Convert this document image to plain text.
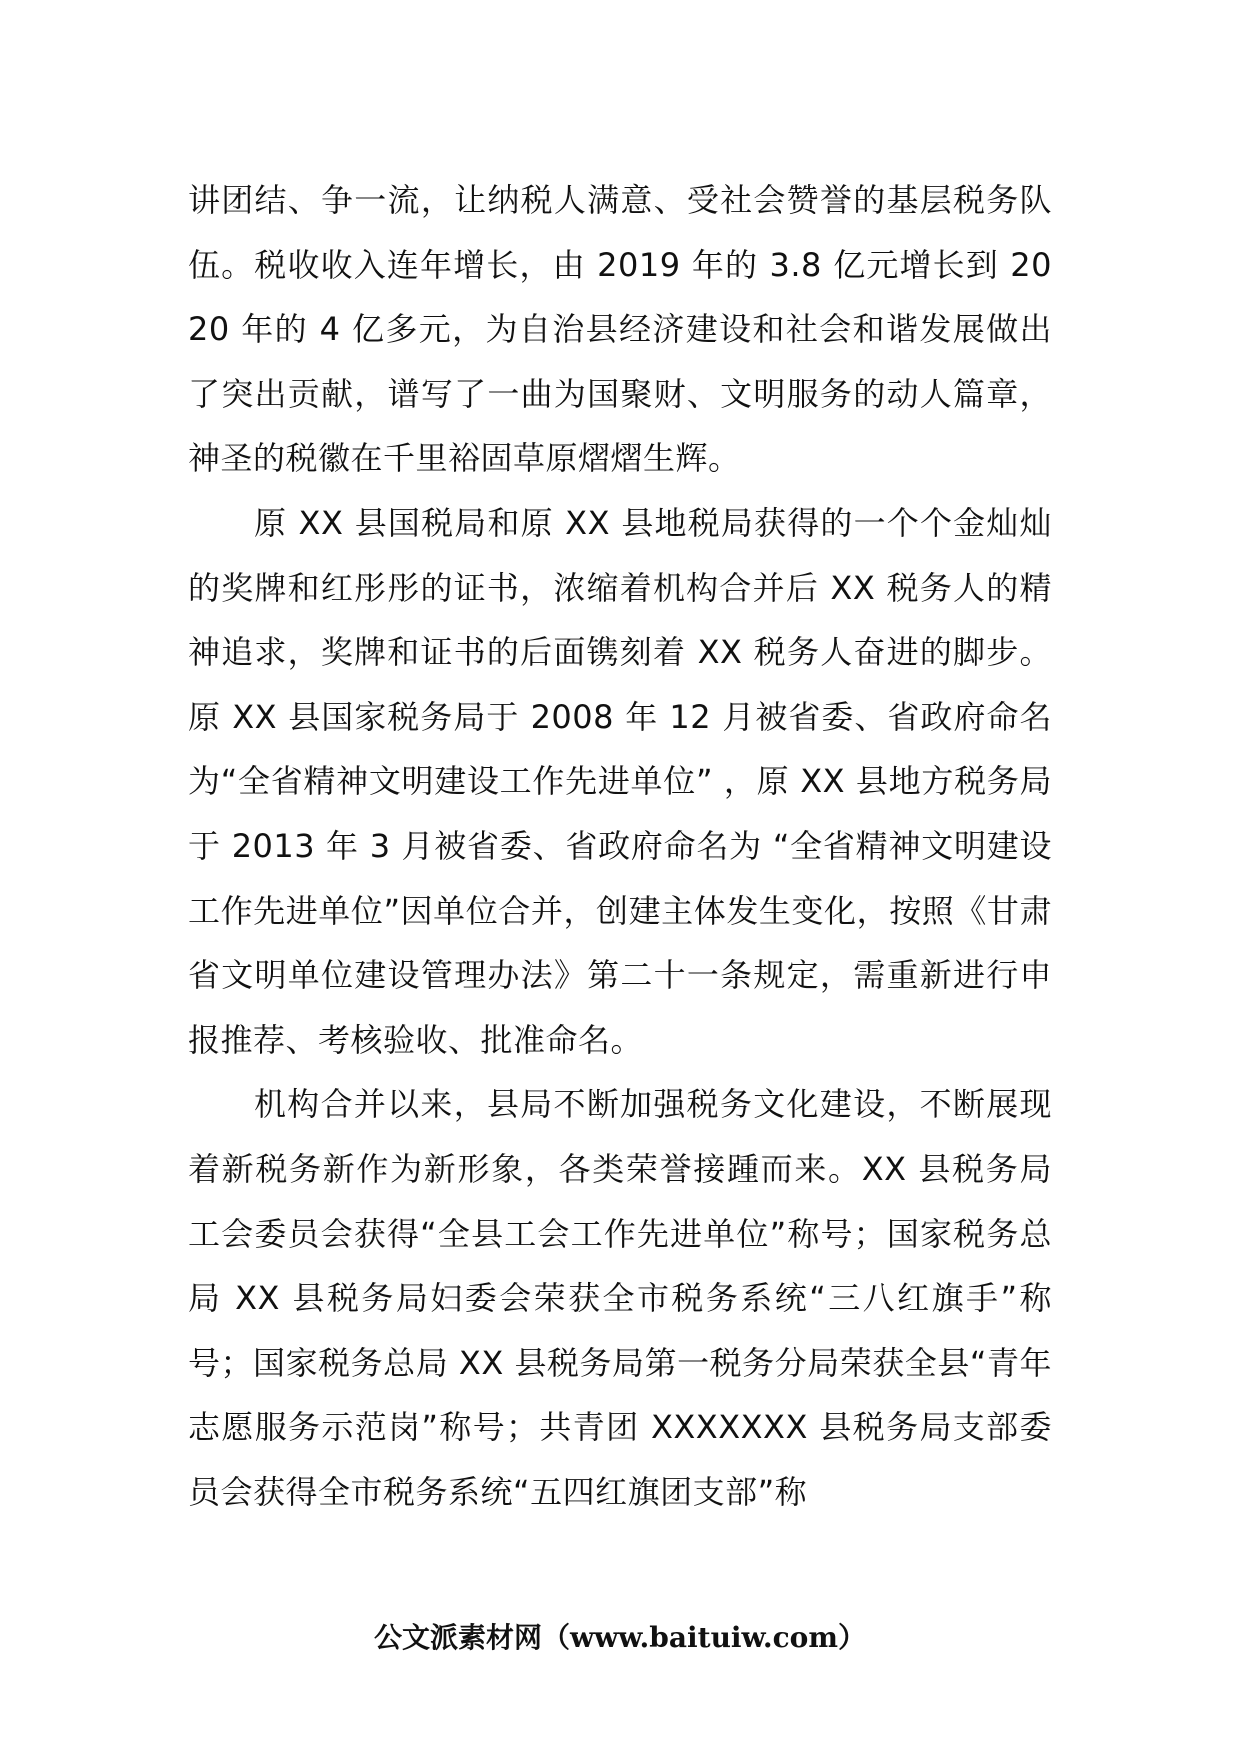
讲团结、争一流，让纳税人满意、受社会赞誉的基层税务队伍。税收收入连年增长，由 2019 年的 3.8 亿元增长到 2020 年的 4 亿多元，为自治县经济建设和社会和谐发展做出了突出贡献，谱写了一曲为国聚财、文明服务的动人篇章，神圣的税徽在千里裕固草原熠熠生辉。

原 XX 县国税局和原 XX 县地税局获得的一个个金灿灿的奖牌和红彤彤的证书，浓缩着机构合并后 XX 税务人的精神追求，奖牌和证书的后面镌刻着 XX 税务人奋进的脚步。原 XX 县国家税务局于 2008 年 12 月被省委、省政府命名为“全省精神文明建设工作先进单位” ，原 XX 县地方税务局于 2013 年 3 月被省委、省政府命名为 “全省精神文明建设工作先进单位”因单位合并，创建主体发生变化，按照《甘肃省文明单位建设管理办法》第二十一条规定，需重新进行申报推荐、考核验收、批准命名。

机构合并以来，县局不断加强税务文化建设，不断展现着新税务新作为新形象，各类荣誉接踵而来。XX 县税务局工会委员会获得“全县工会工作先进单位”称号；国家税务总局 XX 县税务局妇委会荣获全市税务系统“三八红旗手”称号；国家税务总局 XX 县税务局第一税务分局荣获全县“青年志愿服务示范岗”称号；共青团 XXXXXXX 县税务局支部委员会获得全市税务系统“五四红旗团支部”称

公文派素材网（www.baituiw.com）
